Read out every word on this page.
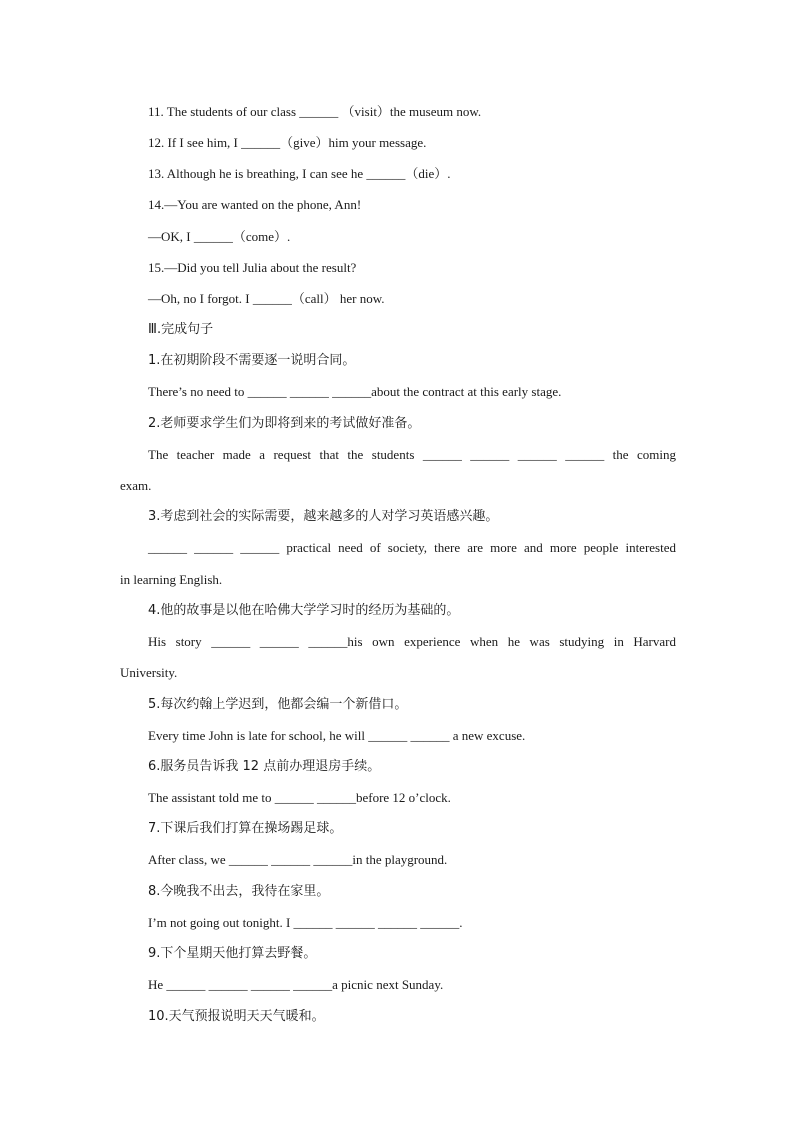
11. The students of our class ______ （visit）the museum now.
12. If I see him, I ______（give）him your message.
13. Although he is breathing, I can see he ______（die）.
14.—You are wanted on the phone, Ann!
—OK, I ______（come）.
15.—Did you tell Julia about the result?
—Oh, no I forgot. I ______（call） her now.
Ⅲ.完成句子
1.在初期阶段不需要逐一说明合同。
There’s no need to ______ ______ ______about the contract at this early stage.
2.老师要求学生们为即将到来的考试做好准备。
The teacher made a request that the students ______ ______ ______ ______ the coming
exam.
3.考虑到社会的实际需要，越来越多的人对学习英语感兴趣。
______ ______ ______ practical need of society, there are more and more people interested
in learning English.
4.他的故事是以他在哈佛大学学习时的经历为基础的。
His story ______ ______ ______his own experience when he was studying in Harvard
University.
5.每次约翰上学迟到，他都会编一个新借口。
Every time John is late for school, he will ______ ______ a new excuse.
6.服务员告诉我 12 点前办理退房手续。
The assistant told me to ______ ______before 12 o’clock.
7.下课后我们打算在操场踢足球。
After class, we ______ ______ ______in the playground.
8.今晚我不出去，我待在家里。
I’m not going out tonight. I ______ ______ ______ ______.
9.下个星期天他打算去野餐。
He ______ ______ ______ ______a picnic next Sunday.
10.天气预报说明天天气暖和。
